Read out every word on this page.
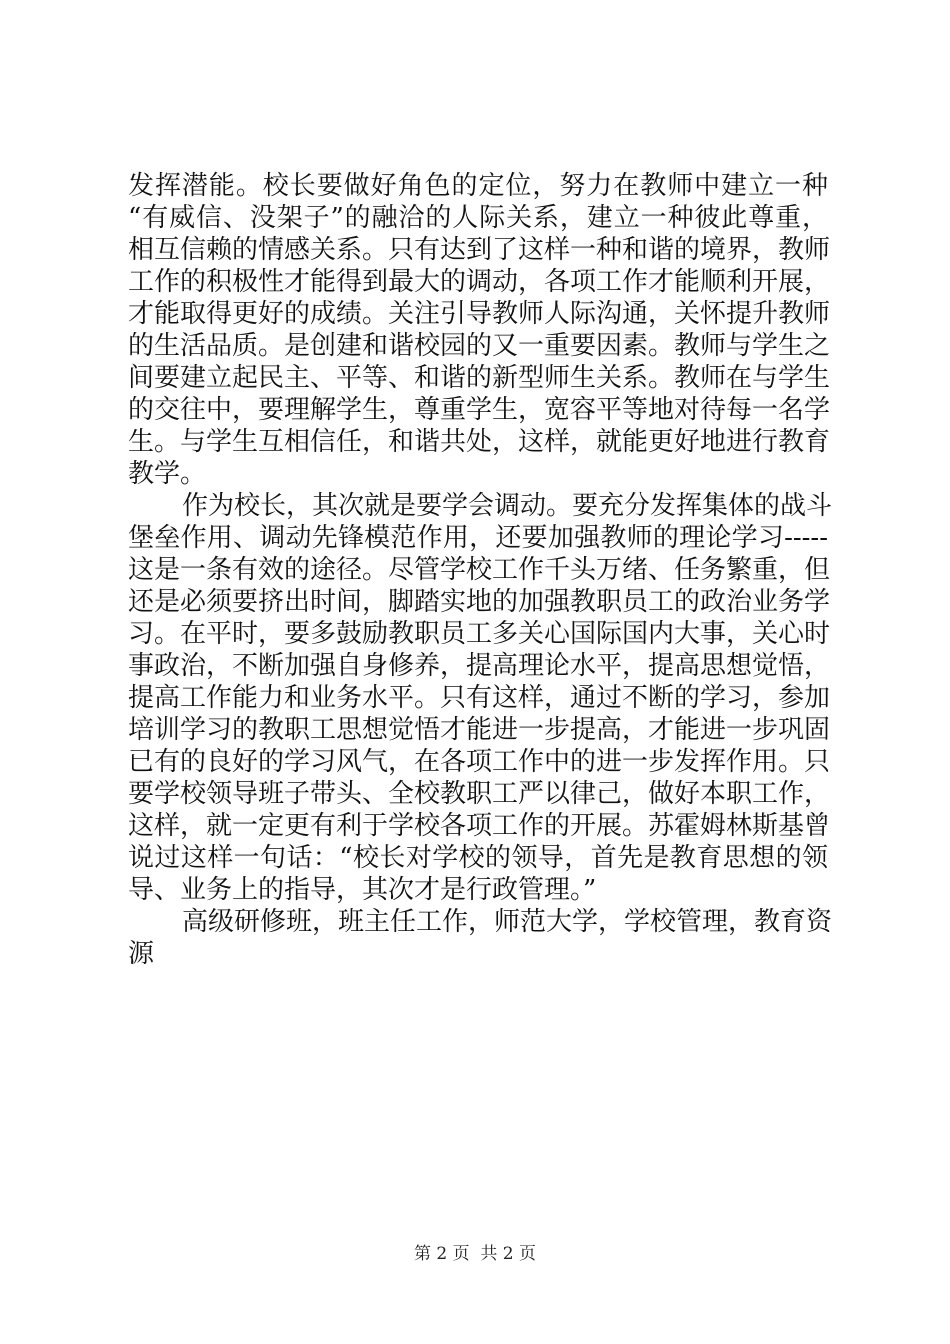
发挥潜能。校长要做好角色的定位，努力在教师中建立一种
“有威信、没架子”的融洽的人际关系，建立一种彼此尊重，
相互信赖的情感关系。只有达到了这样一种和谐的境界，教师
工作的积极性才能得到最大的调动，各项工作才能顺利开展，
才能取得更好的成绩。关注引导教师人际沟通，关怀提升教师
的生活品质。是创建和谐校园的又一重要因素。教师与学生之
间要建立起民主、平等、和谐的新型师生关系。教师在与学生
的交往中，要理解学生，尊重学生，宽容平等地对待每一名学
生。与学生互相信任，和谐共处，这样，就能更好地进行教育
教学。
作为校长，其次就是要学会调动。要充分发挥集体的战斗
堡垒作用、调动先锋模范作用，还要加强教师的理论学习-----
这是一条有效的途径。尽管学校工作千头万绪、任务繁重，但
还是必须要挤出时间，脚踏实地的加强教职员工的政治业务学
习。在平时，要多鼓励教职员工多关心国际国内大事，关心时
事政治，不断加强自身修养，提高理论水平，提高思想觉悟，
提高工作能力和业务水平。只有这样，通过不断的学习，参加
培训学习的教职工思想觉悟才能进一步提高，才能进一步巩固
已有的良好的学习风气，在各项工作中的进一步发挥作用。只
要学校领导班子带头、全校教职工严以律己，做好本职工作，
这样，就一定更有利于学校各项工作的开展。苏霍姆林斯基曾
说过这样一句话：“校长对学校的领导，首先是教育思想的领
导、业务上的指导，其次才是行政管理。”
高级研修班，班主任工作，师范大学，学校管理，教育资
源
第 2 页  共 2 页
